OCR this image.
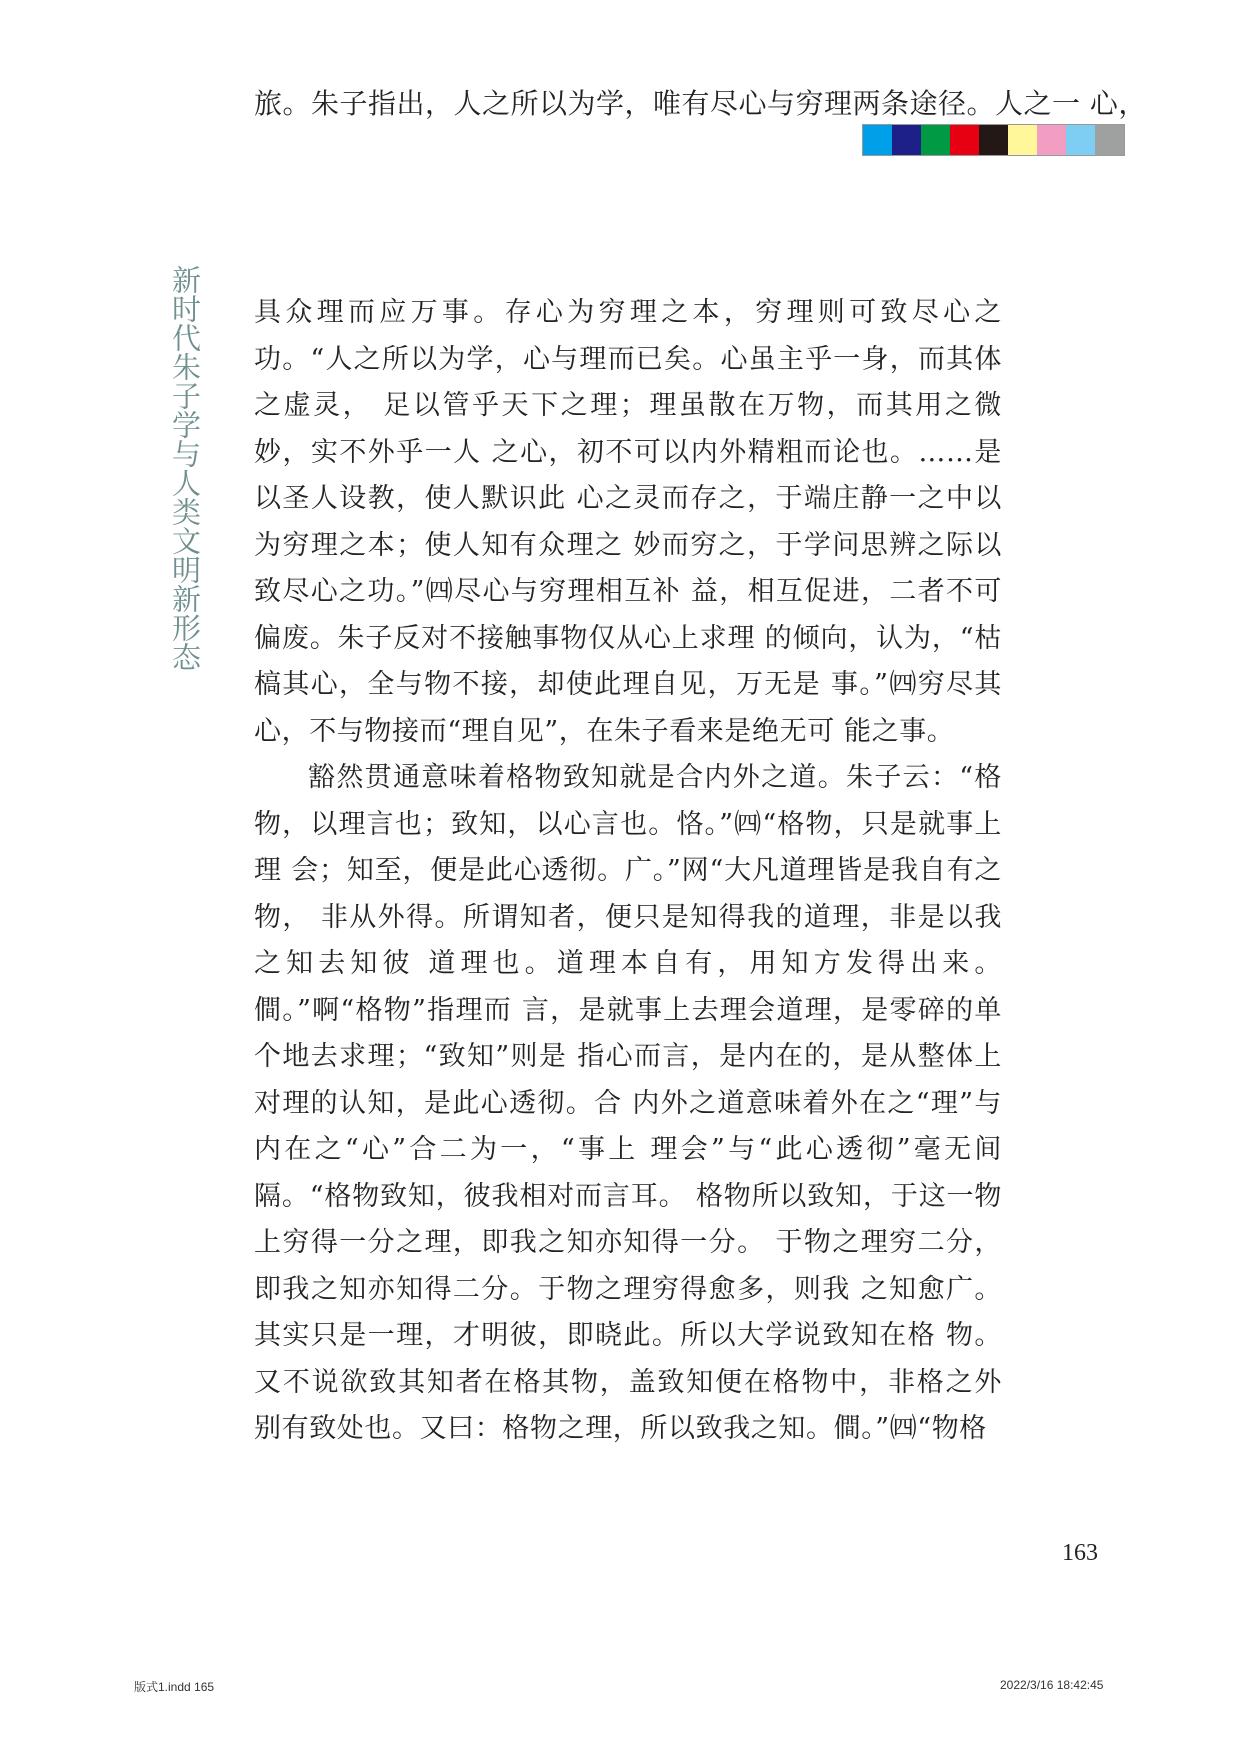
旅。朱子指出，人之所以为学，唯有尽心与穷理两条途径。人之一 心，
新时代朱子学与人类文明新形态 具众理而应万事。存心为穷理之本，穷理则可致尽心之功。“人之所以为学，心与理而已矣。心虽主乎一身，而其体之虚灵， 足以管乎天下之理；理虽散在万物，而其用之微妙，实不外乎一人 之心，初不可以内外精粗而论也。……是以圣人设教，使人默识此 心之灵而存之，于端庄静一之中以为穷理之本；使人知有众理之 妙而穷之，于学问思辨之际以致尽心之功。”㈣尽心与穷理相互补 益，相互促进，二者不可偏废。朱子反对不接触事物仅从心上求理 的倾向，认为，“枯槁其心，全与物不接，却使此理自见，万无是 事。”㈣穷尽其心，不与物接而“理自见”，在朱子看来是绝无可 能之事。

豁然贯通意味着格物致知就是合内外之道。朱子云：“格 物，以理言也；致知，以心言也。恪。”㈣“格物，只是就事上理 会；知至，便是此心透彻。广。”网“大凡道理皆是我自有之物， 非从外得。所谓知者，便只是知得我的道理，非是以我之知去知彼 道理也。道理本自有，用知方发得出来。僴。”啊“格物”指理而 言，是就事上去理会道理，是零碎的单个地去求理；“致知”则是 指心而言，是内在的，是从整体上对理的认知，是此心透彻。合 内外之道意味着外在之“理”与内在之“心”合二为一，“事上 理会”与“此心透彻”毫无间隔。“格物致知，彼我相对而言耳。 格物所以致知，于这一物上穷得一分之理，即我之知亦知得一分。 于物之理穷二分，即我之知亦知得二分。于物之理穷得愈多，则我 之知愈广。其实只是一理，才明彼，即晓此。所以大学说致知在格 物。又不说欲致其知者在格其物，盖致知便在格物中，非格之外 别有致处也。又曰：格物之理，所以致我之知。僴。”㈣“物格

163
版式1.indd 165	2022/3/16 18:42:45
